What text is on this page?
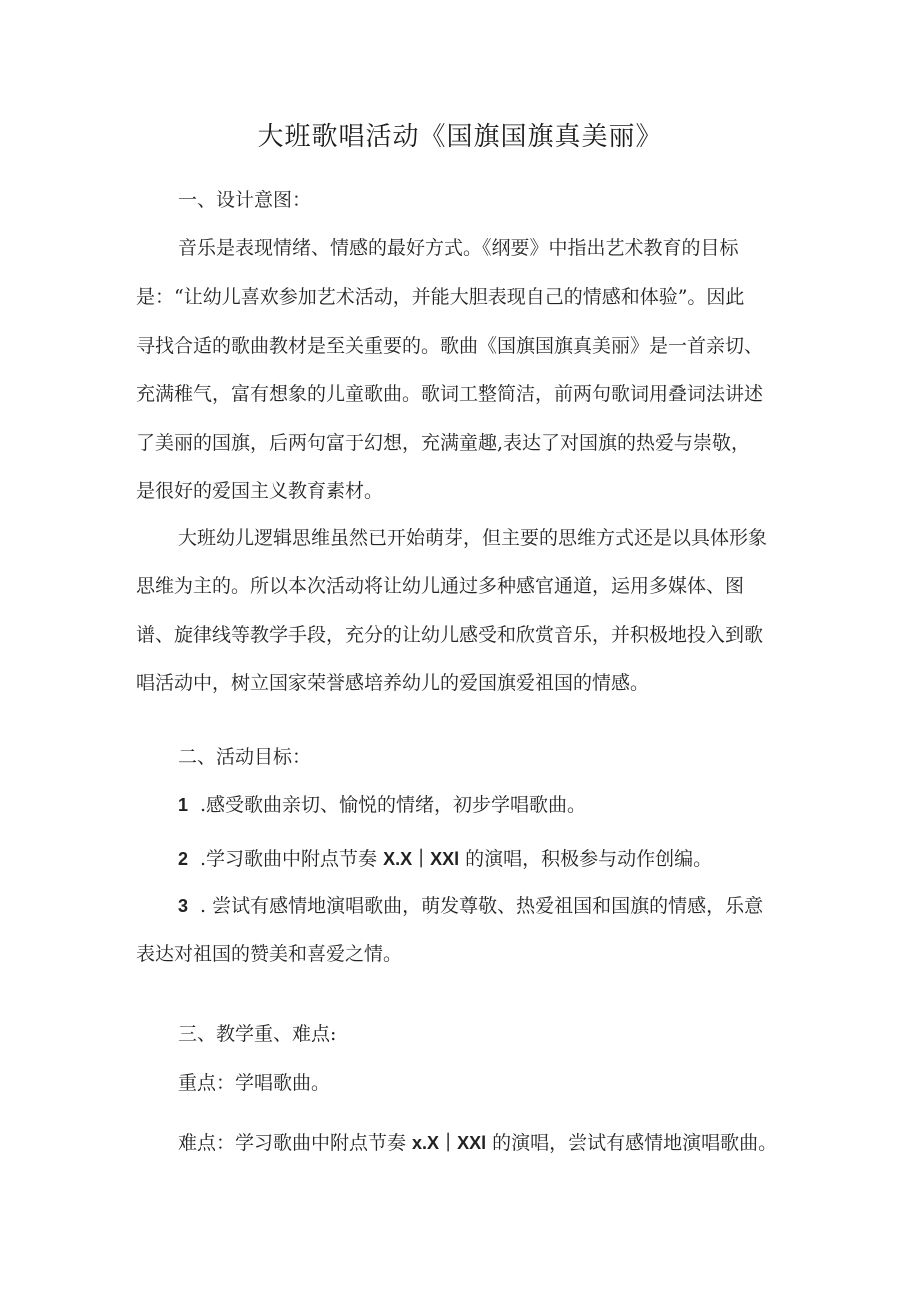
大班歌唱活动《国旗国旗真美丽》
一、设计意图：
音乐是表现情绪、情感的最好方式。《纲要》中指出艺术教育的目标
是：“让幼儿喜欢参加艺术活动，并能大胆表现自己的情感和体验”。因此
寻找合适的歌曲教材是至关重要的。歌曲《国旗国旗真美丽》是一首亲切、
充满稚气，富有想象的儿童歌曲。歌词工整简洁，前两句歌词用叠词法讲述
了美丽的国旗，后两句富于幻想，充满童趣,表达了对国旗的热爱与崇敬，
是很好的爱国主义教育素材。
大班幼儿逻辑思维虽然已开始萌芽，但主要的思维方式还是以具体形象
思维为主的。所以本次活动将让幼儿通过多种感官通道，运用多媒体、图
谱、旋律线等教学手段，充分的让幼儿感受和欣赏音乐，并积极地投入到歌
唱活动中，树立国家荣誉感培养幼儿的爱国旗爱祖国的情感。
二、活动目标：
1 .感受歌曲亲切、愉悦的情绪，初步学唱歌曲。
2 .学习歌曲中附点节奏 X.X｜XXl 的演唱，积极参与动作创编。
3 . 尝试有感情地演唱歌曲，萌发尊敬、热爱祖国和国旗的情感，乐意
表达对祖国的赞美和喜爱之情。
三、教学重、难点:
重点：学唱歌曲。
难点：学习歌曲中附点节奏 x.X｜XXl 的演唱，尝试有感情地演唱歌曲。
